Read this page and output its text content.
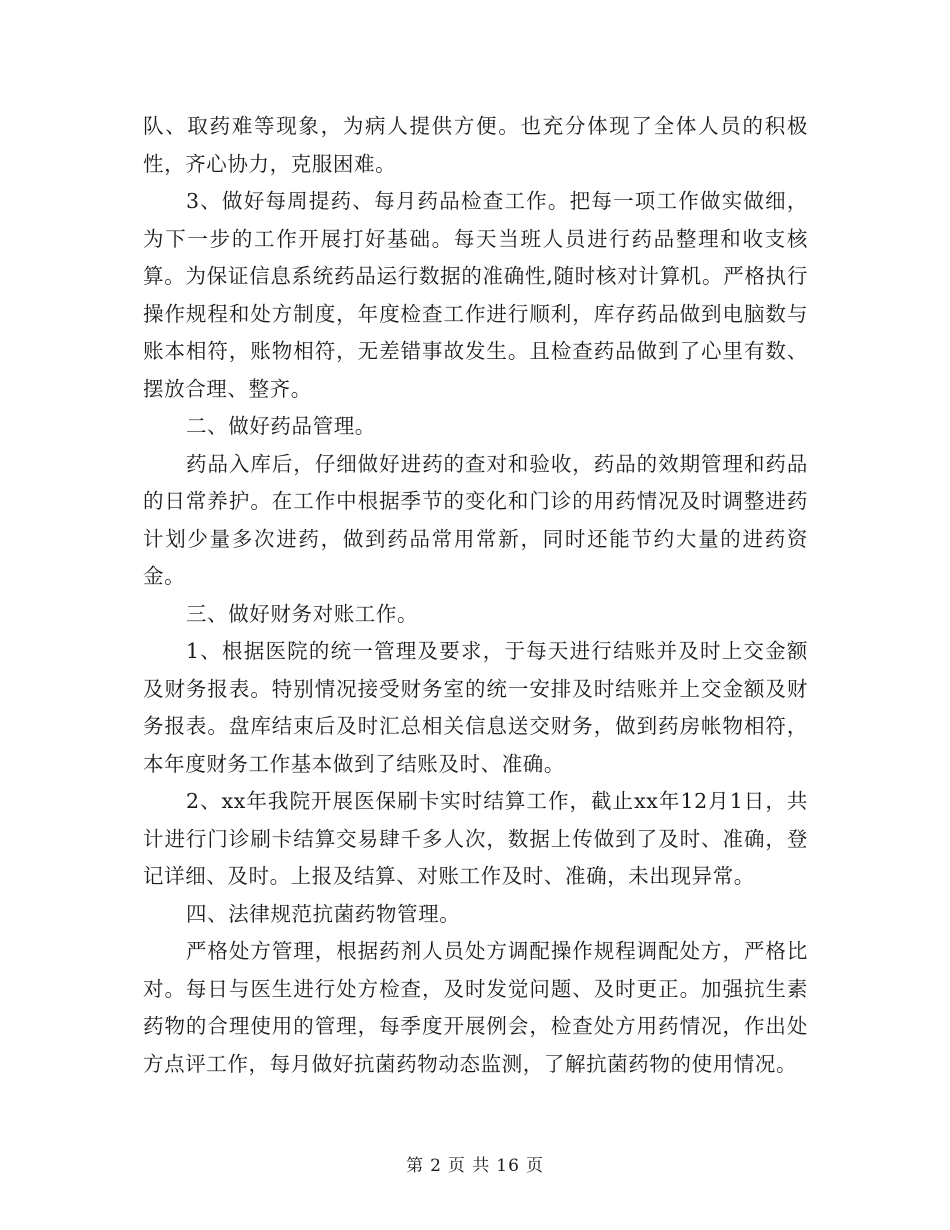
队、取药难等现象，为病人提供方便。也充分体现了全体人员的积极性，齐心协力，克服困难。

3、做好每周提药、每月药品检查工作。把每一项工作做实做细，为下一步的工作开展打好基础。每天当班人员进行药品整理和收支核算。为保证信息系统药品运行数据的准确性,随时核对计算机。严格执行操作规程和处方制度，年度检查工作进行顺利，库存药品做到电脑数与账本相符，账物相符，无差错事故发生。且检查药品做到了心里有数、摆放合理、整齐。

二、做好药品管理。

药品入库后，仔细做好进药的查对和验收，药品的效期管理和药品的日常养护。在工作中根据季节的变化和门诊的用药情况及时调整进药计划少量多次进药，做到药品常用常新，同时还能节约大量的进药资金。

三、做好财务对账工作。

1、根据医院的统一管理及要求，于每天进行结账并及时上交金额及财务报表。特别情况接受财务室的统一安排及时结账并上交金额及财务报表。盘库结束后及时汇总相关信息送交财务，做到药房帐物相符，本年度财务工作基本做到了结账及时、准确。

2、xx年我院开展医保刷卡实时结算工作，截止xx年12月1日，共计进行门诊刷卡结算交易肆千多人次，数据上传做到了及时、准确，登记详细、及时。上报及结算、对账工作及时、准确，未出现异常。

四、法律规范抗菌药物管理。

严格处方管理，根据药剂人员处方调配操作规程调配处方，严格比对。每日与医生进行处方检查，及时发觉问题、及时更正。加强抗生素药物的合理使用的管理，每季度开展例会，检查处方用药情况，作出处方点评工作，每月做好抗菌药物动态监测，了解抗菌药物的使用情况。

第 2 页 共 16 页
